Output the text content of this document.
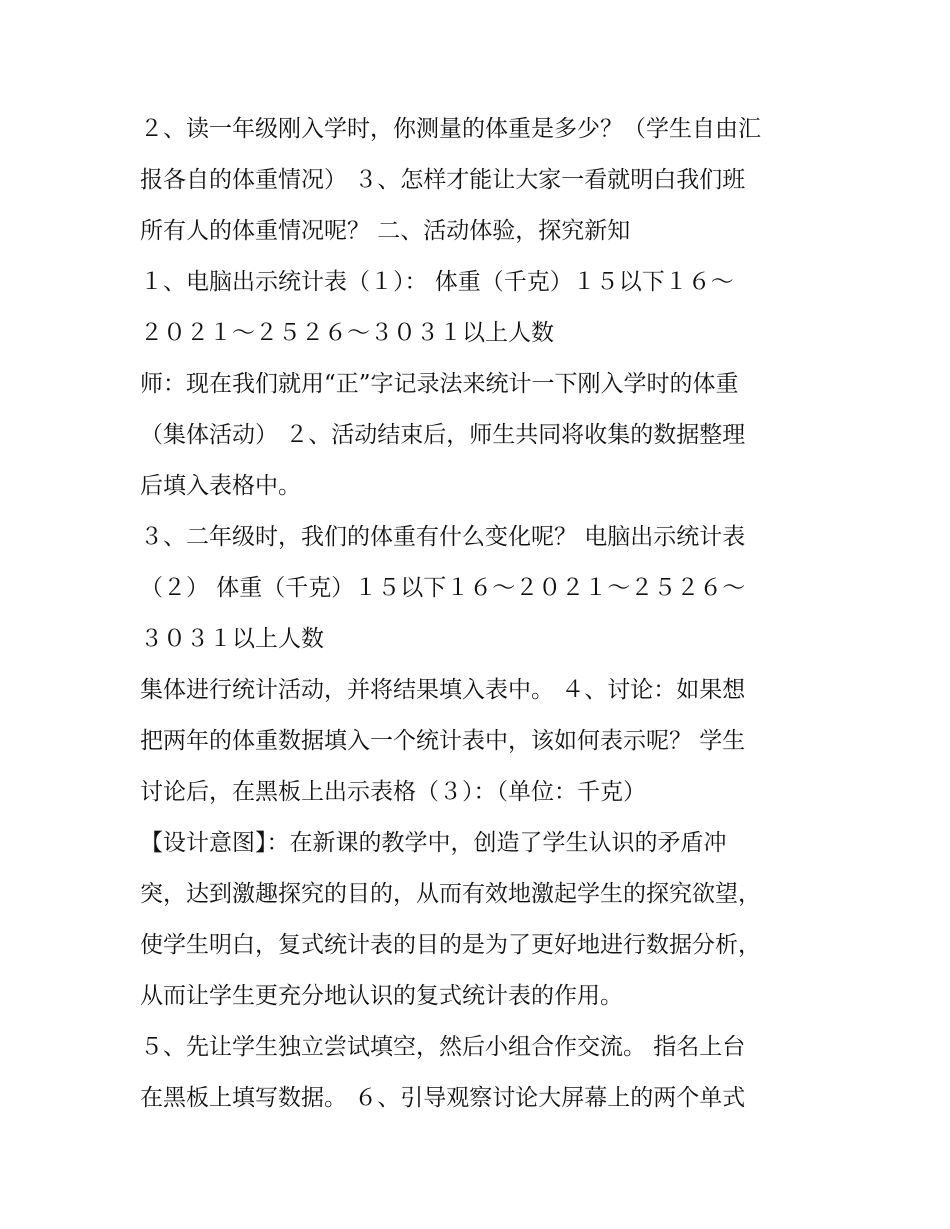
２、读一年级刚入学时，你测量的体重是多少？（学生自由汇
报各自的体重情况） ３、怎样才能让大家一看就明白我们班
所有人的体重情况呢？ 二、活动体验，探究新知
１、电脑出示统计表（１）： 体重（千克）１５以下１６～
２０２１～２５２６～３０３１以上人数
师：现在我们就用“正”字记录法来统计一下刚入学时的体重
（集体活动） ２、活动结束后，师生共同将收集的数据整理
后填入表格中。
３、二年级时，我们的体重有什么变化呢？ 电脑出示统计表
（２） 体重（千克）１５以下１６～２０２１～２５２６～
３０３１以上人数
集体进行统计活动，并将结果填入表中。 ４、讨论：如果想
把两年的体重数据填入一个统计表中，该如何表示呢？ 学生
讨论后，在黑板上出示表格（３）：（单位：千克）
【设计意图】：在新课的教学中，创造了学生认识的矛盾冲
突，达到激趣探究的目的，从而有效地激起学生的探究欲望，
使学生明白，复式统计表的目的是为了更好地进行数据分析，
从而让学生更充分地认识的复式统计表的作用。
５、先让学生独立尝试填空，然后小组合作交流。 指名上台
在黑板上填写数据。 ６、引导观察讨论大屏幕上的两个单式
